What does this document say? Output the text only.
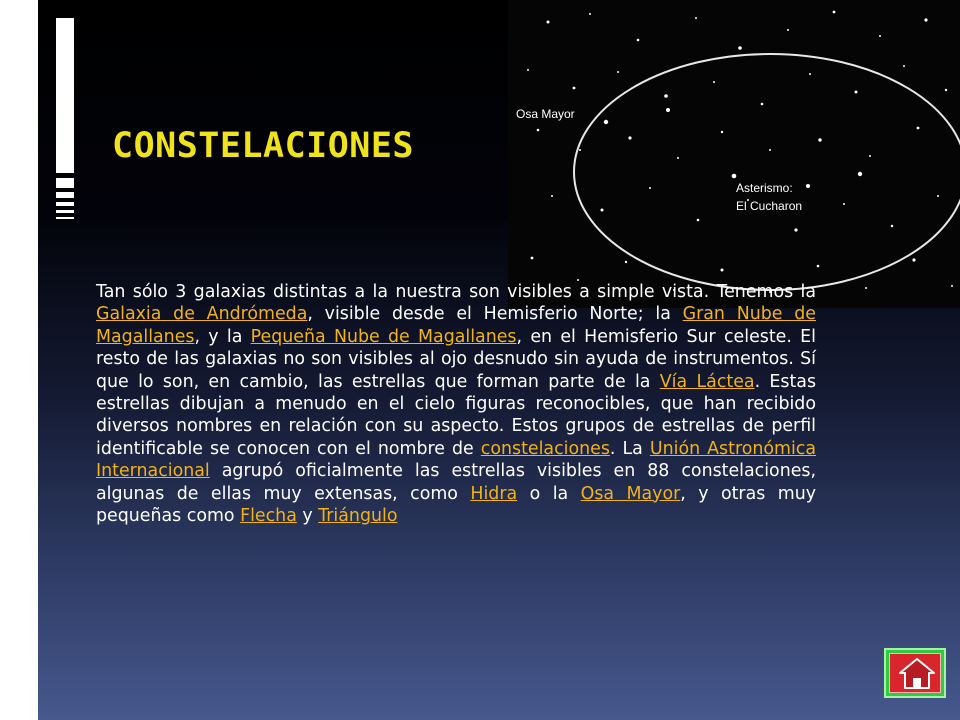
CONSTELACIONES
Osa Mayor
Asterismo:
El Cucharon

Tan sólo 3 galaxias distintas a la nuestra son visibles a simple vista. Tenemos la Galaxia de Andrómeda, visible desde el Hemisferio Norte; la Gran Nube de Magallanes, y la Pequeña Nube de Magallanes, en el Hemisferio Sur celeste. El resto de las galaxias no son visibles al ojo desnudo sin ayuda de instrumentos. Sí que lo son, en cambio, las estrellas que forman parte de la Vía Láctea. Estas estrellas dibujan a menudo en el cielo figuras reconocibles, que han recibido diversos nombres en relación con su aspecto. Estos grupos de estrellas de perfil identificable se conocen con el nombre de constelaciones. La Unión Astronómica Internacional agrupó oficialmente las estrellas visibles en 88 constelaciones, algunas de ellas muy extensas, como Hidra o la Osa Mayor, y otras muy pequeñas como Flecha y Triángulo
